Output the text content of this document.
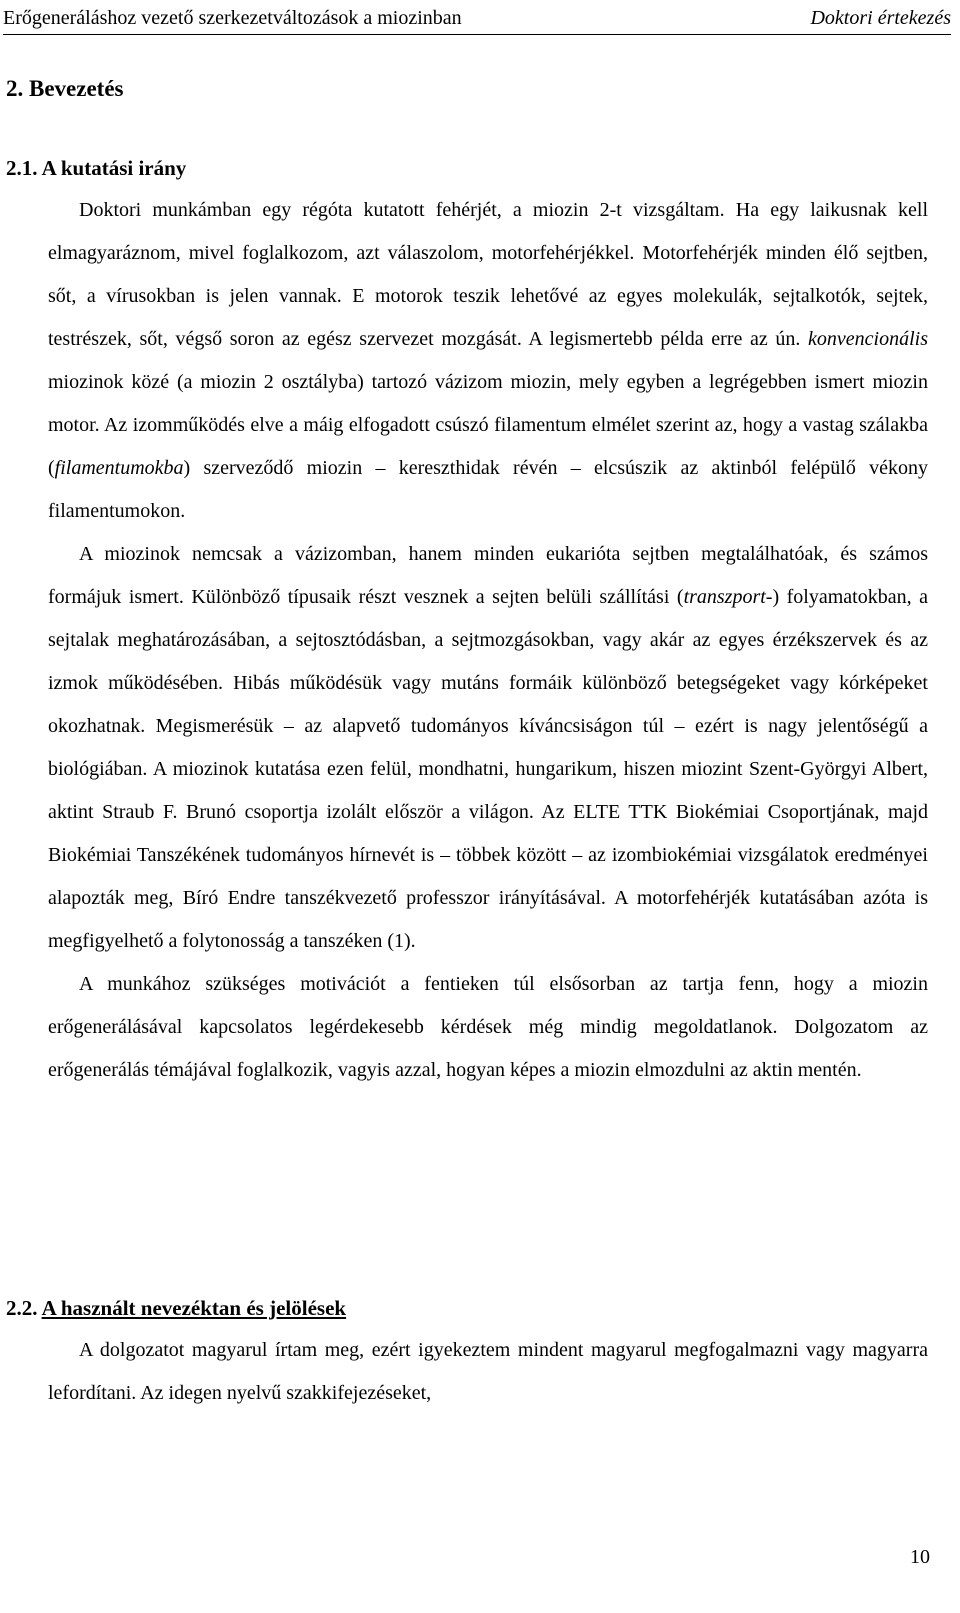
Erőgeneráláshoz vezető szerkezetváltozások a miozinban	Doktori értekezés
2. Bevezetés
2.1. A kutatási irány

Doktori munkámban egy régóta kutatott fehérjét, a miozin 2-t vizsgáltam. Ha egy laikusnak kell elmagyaráznom, mivel foglalkozom, azt válaszolom, motorfehérjékkel. Motorfehérjék minden élő sejtben, sőt, a vírusokban is jelen vannak. E motorok teszik lehetővé az egyes molekulák, sejtalkotók, sejtek, testrészek, sőt, végső soron az egész szervezet mozgását. A legismertebb példa erre az ún. konvencionális miozinok közé (a miozin 2 osztályba) tartozó vázizom miozin, mely egyben a legrégebben ismert miozin motor. Az izomműködés elve a máig elfogadott csúszó filamentum elmélet szerint az, hogy a vastag szálakba (filamentumokba) szerveződő miozin – kereszthidak révén – elcsúszik az aktinból felépülő vékony filamentumokon.

A miozinok nemcsak a vázizomban, hanem minden eukarióta sejtben megtalálhatóak, és számos formájuk ismert. Különböző típusaik részt vesznek a sejten belüli szállítási (transzport-) folyamatokban, a sejtalak meghatározásában, a sejtosztódásban, a sejtmozgásokban, vagy akár az egyes érzékszervek és az izmok működésében. Hibás működésük vagy mutáns formáik különböző betegségeket vagy kórképeket okozhatnak. Megismerésük – az alapvető tudományos kíváncsiságon túl – ezért is nagy jelentőségű a biológiában. A miozinok kutatása ezen felül, mondhatni, hungarikum, hiszen miozint Szent-Györgyi Albert, aktint Straub F. Brunó csoportja izolált először a világon. Az ELTE TTK Biokémiai Csoportjának, majd Biokémiai Tanszékének tudományos hírnevét is – többek között – az izombiokémiai vizsgálatok eredményei alapozták meg, Bíró Endre tanszékvezető professzor irányításával. A motorfehérjék kutatásában azóta is megfigyelhető a folytonosság a tanszéken (1).

A munkához szükséges motivációt a fentieken túl elsősorban az tartja fenn, hogy a miozin erőgenerálásával kapcsolatos legérdekesebb kérdések még mindig megoldatlanok. Dolgozatom az erőgenerálás témájával foglalkozik, vagyis azzal, hogyan képes a miozin elmozdulni az aktin mentén.

2.2. A használt nevezéktan és jelölések

A dolgozatot magyarul írtam meg, ezért igyekeztem mindent magyarul megfogalmazni vagy magyarra lefordítani. Az idegen nyelvű szakkifejezéseket,

10
